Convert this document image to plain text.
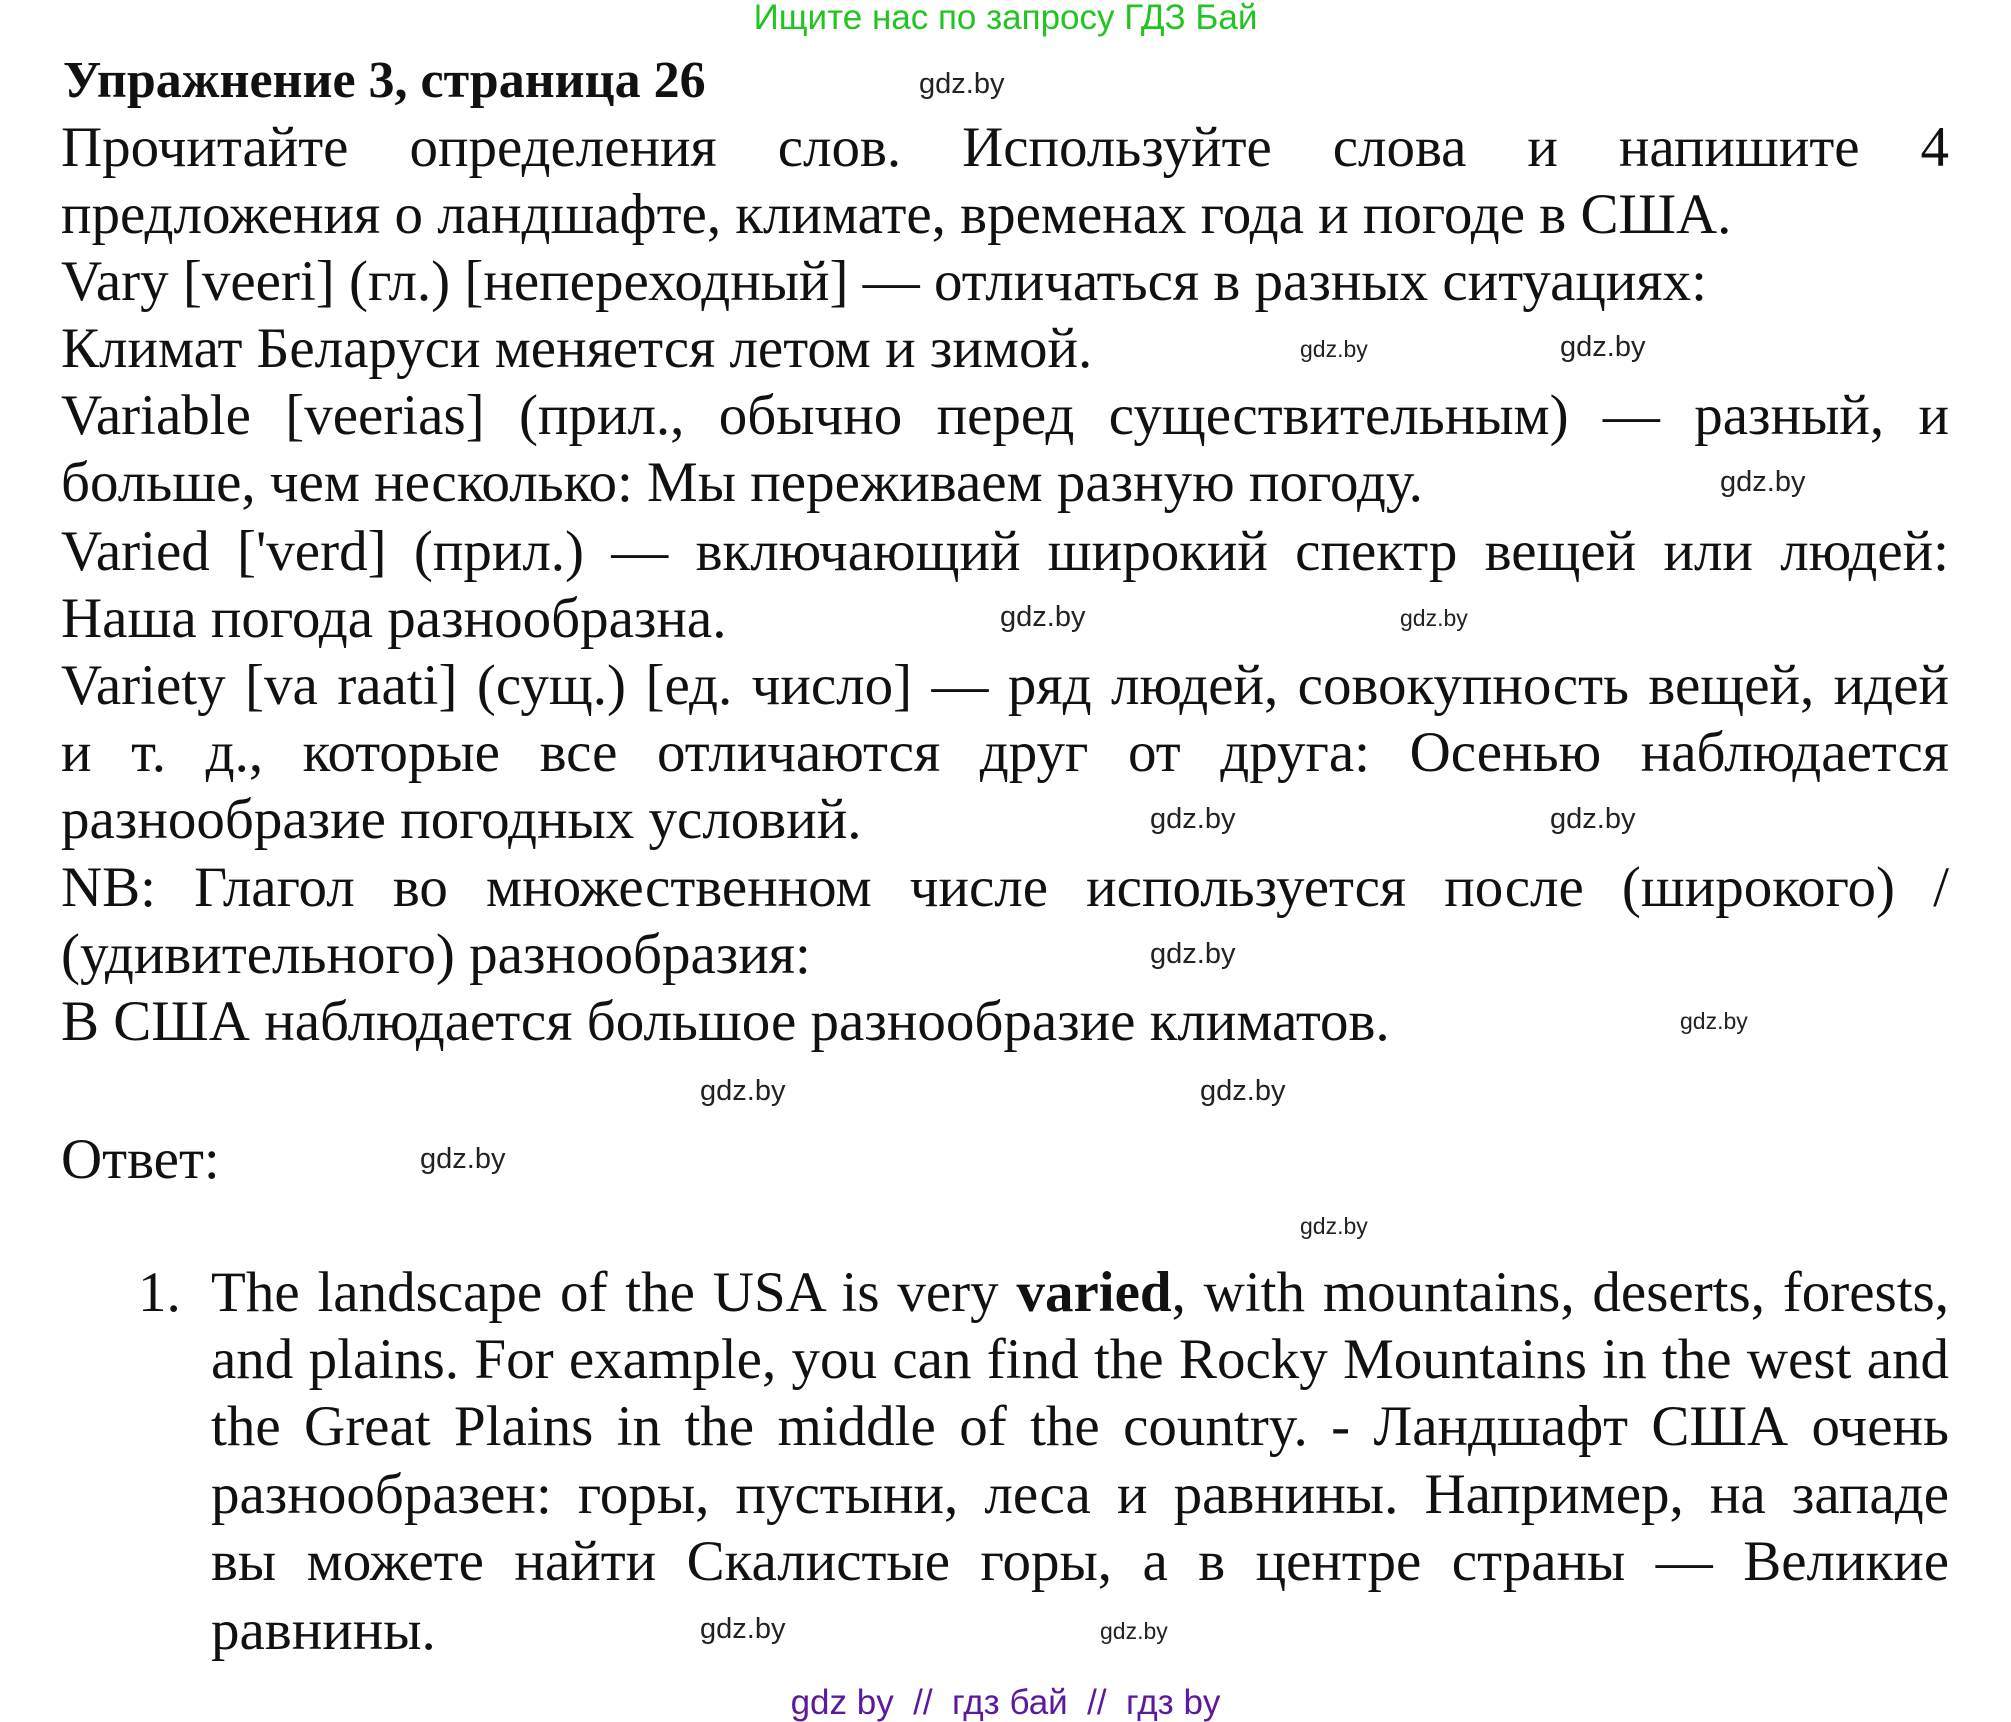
Ищите нас по запросу ГДЗ Бай
Упражнение 3, страница 26
Прочитайте определения слов. Используйте слова и напишите 4
предложения о ландшафте, климате, временах года и погоде в США.
Vary [veeri] (гл.) [непереходный] — отличаться в разных ситуациях:
Климат Беларуси меняется летом и зимой.
Variable [veerias] (прил., обычно перед существительным) — разный, и
больше, чем несколько: Мы переживаем разную погоду.
Varied ['verd] (прил.) — включающий широкий спектр вещей или людей:
Наша погода разнообразна.
Variety [va raati] (сущ.) [ед. число] — ряд людей, совокупность вещей, идей
и т. д., которые все отличаются друг от друга: Осенью наблюдается
разнообразие погодных условий.
NB: Глагол во множественном числе используется после (широкого) /
(удивительного) разнообразия:
В США наблюдается большое разнообразие климатов.
Ответ:
1. The landscape of the USA is very varied, with mountains, deserts, forests,
and plains. For example, you can find the Rocky Mountains in the west and
the Great Plains in the middle of the country. - Ландшафт США очень
разнообразен: горы, пустыни, леса и равнины. Например, на западе
вы можете найти Скалистые горы, а в центре страны — Великие
равнины.
gdz.by
gdz.by
gdz.by
gdz.by
gdz.by	gdz.by
gdz.by	gdz.by
gdz.by
gdz.by	gdz.by
gdz.by
gdz.by
gdz.by
gdz.by	gdz.by
gdz by  //  гдз бай  //  гдз by
